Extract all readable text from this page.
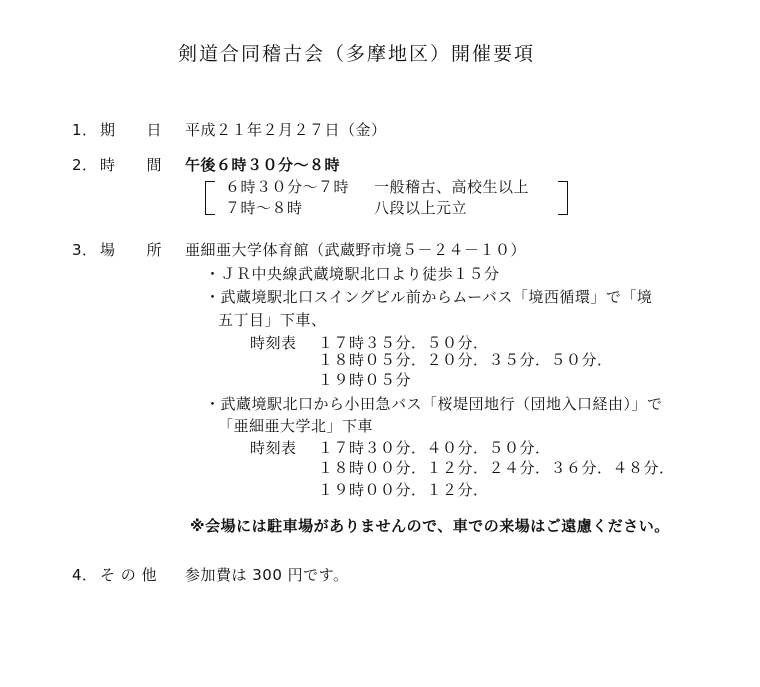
剣道合同稽古会（多摩地区）開催要項
1． 期　　日 平成２１年２月２７日（金）
2． 時　　間 午後６時３０分～８時
６時３０分～７時 一般稽古、高校生以上
７時～８時	八段以上元立
3． 場　　所 亜細亜大学体育館（武蔵野市境５－２４－１０）
・ＪＲ中央線武蔵境駅北口より徒歩１５分
・武蔵境駅北口スイングビル前からムーバス「境西循環」で「境
五丁目」下車、
時刻表 １７時３５分．５０分．
１８時０５分．２０分．３５分．５０分．
１９時０５分
・武蔵境駅北口から小田急バス「桜堤団地行（団地入口経由）」で
「亜細亜大学北」下車
時刻表 １７時３０分．４０分．５０分．
１８時００分．１２分．２４分．３６分．４８分．
１９時００分．１２分．
※会場には駐車場がありませんので、車での来場はご遠慮ください。
4． そ の 他 参加費は 300 円です。
